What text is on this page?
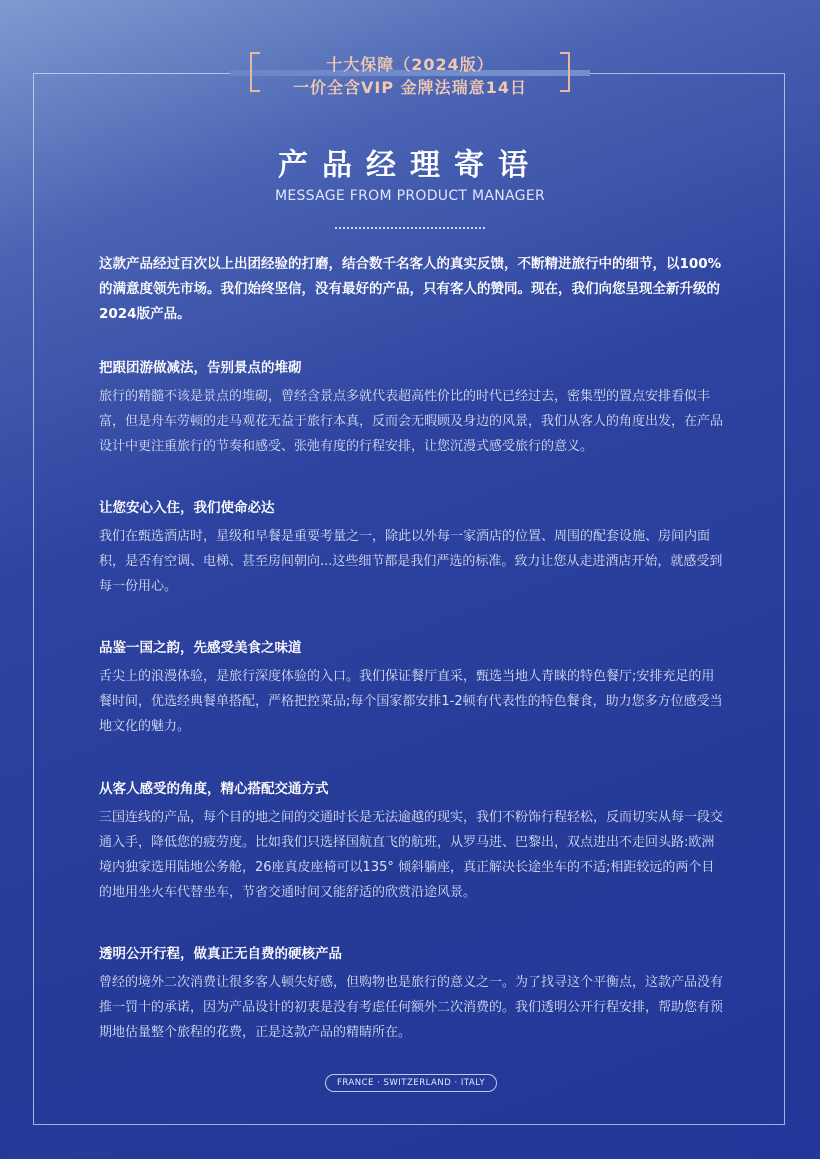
十大保障（2024版）
一价全含VIP 金牌法瑞意14日
产品经理寄语
MESSAGE FROM PRODUCT MANAGER
这款产品经过百次以上出团经验的打磨，结合数千名客人的真实反馈，不断精进旅行中的细节，以100%的满意度领先市场。我们始终坚信，没有最好的产品，只有客人的赞同。现在，我们向您呈现全新升级的2024版产品。
把跟团游做减法，告别景点的堆砌

旅行的精髓不该是景点的堆砌，曾经含景点多就代表超高性价比的时代已经过去，密集型的置点安排看似丰富，但是舟车劳顿的走马观花无益于旅行本真，反而会无暇顾及身边的风景，我们从客人的角度出发，在产品设计中更注重旅行的节奏和感受、张弛有度的行程安排，让您沉漫式感受旅行的意义。

让您安心入住，我们使命必达

我们在甄选酒店时，星级和早餐是重要考量之一，除此以外每一家酒店的位置、周围的配套设施、房间内面积，是否有空调、电梯、甚至房间朝向...这些细节都是我们严选的标准。致力让您从走进酒店开始，就感受到每一份用心。

品鉴一国之韵，先感受美食之味道

舌尖上的浪漫体验，是旅行深度体验的入口。我们保证餐厅直采，甄选当地人青睐的特色餐厅;安排充足的用餐时间，优选经典餐单搭配，严格把控菜品;每个国家都安排1-2顿有代表性的特色餐食，助力您多方位感受当地文化的魅力。

从客人感受的角度，精心搭配交通方式

三国连线的产品，每个目的地之间的交通时长是无法逾越的现实，我们不粉饰行程轻松，反而切实从每一段交通入手，降低您的疲劳度。比如我们只选择国航直飞的航班，从罗马进、巴黎出，双点进出不走回头路:欧洲境内独家选用陆地公务舱，26座真皮座椅可以135° 倾斜躺座，真正解决长途坐车的不适;相距较远的两个目的地用坐火车代替坐车，节省交通时间又能舒适的欣赏沿途风景。

透明公开行程，做真正无自费的硬核产品

曾经的境外二次消费让很多客人顿失好感，但购物也是旅行的意义之一。为了找寻这个平衡点，这款产品没有推一罚十的承诺，因为产品设计的初衷是没有考虑任何额外二次消费的。我们透明公开行程安排，帮助您有预期地估量整个旅程的花费，正是这款产品的精睛所在。

FRANCE · SWITZERLAND · ITALY
